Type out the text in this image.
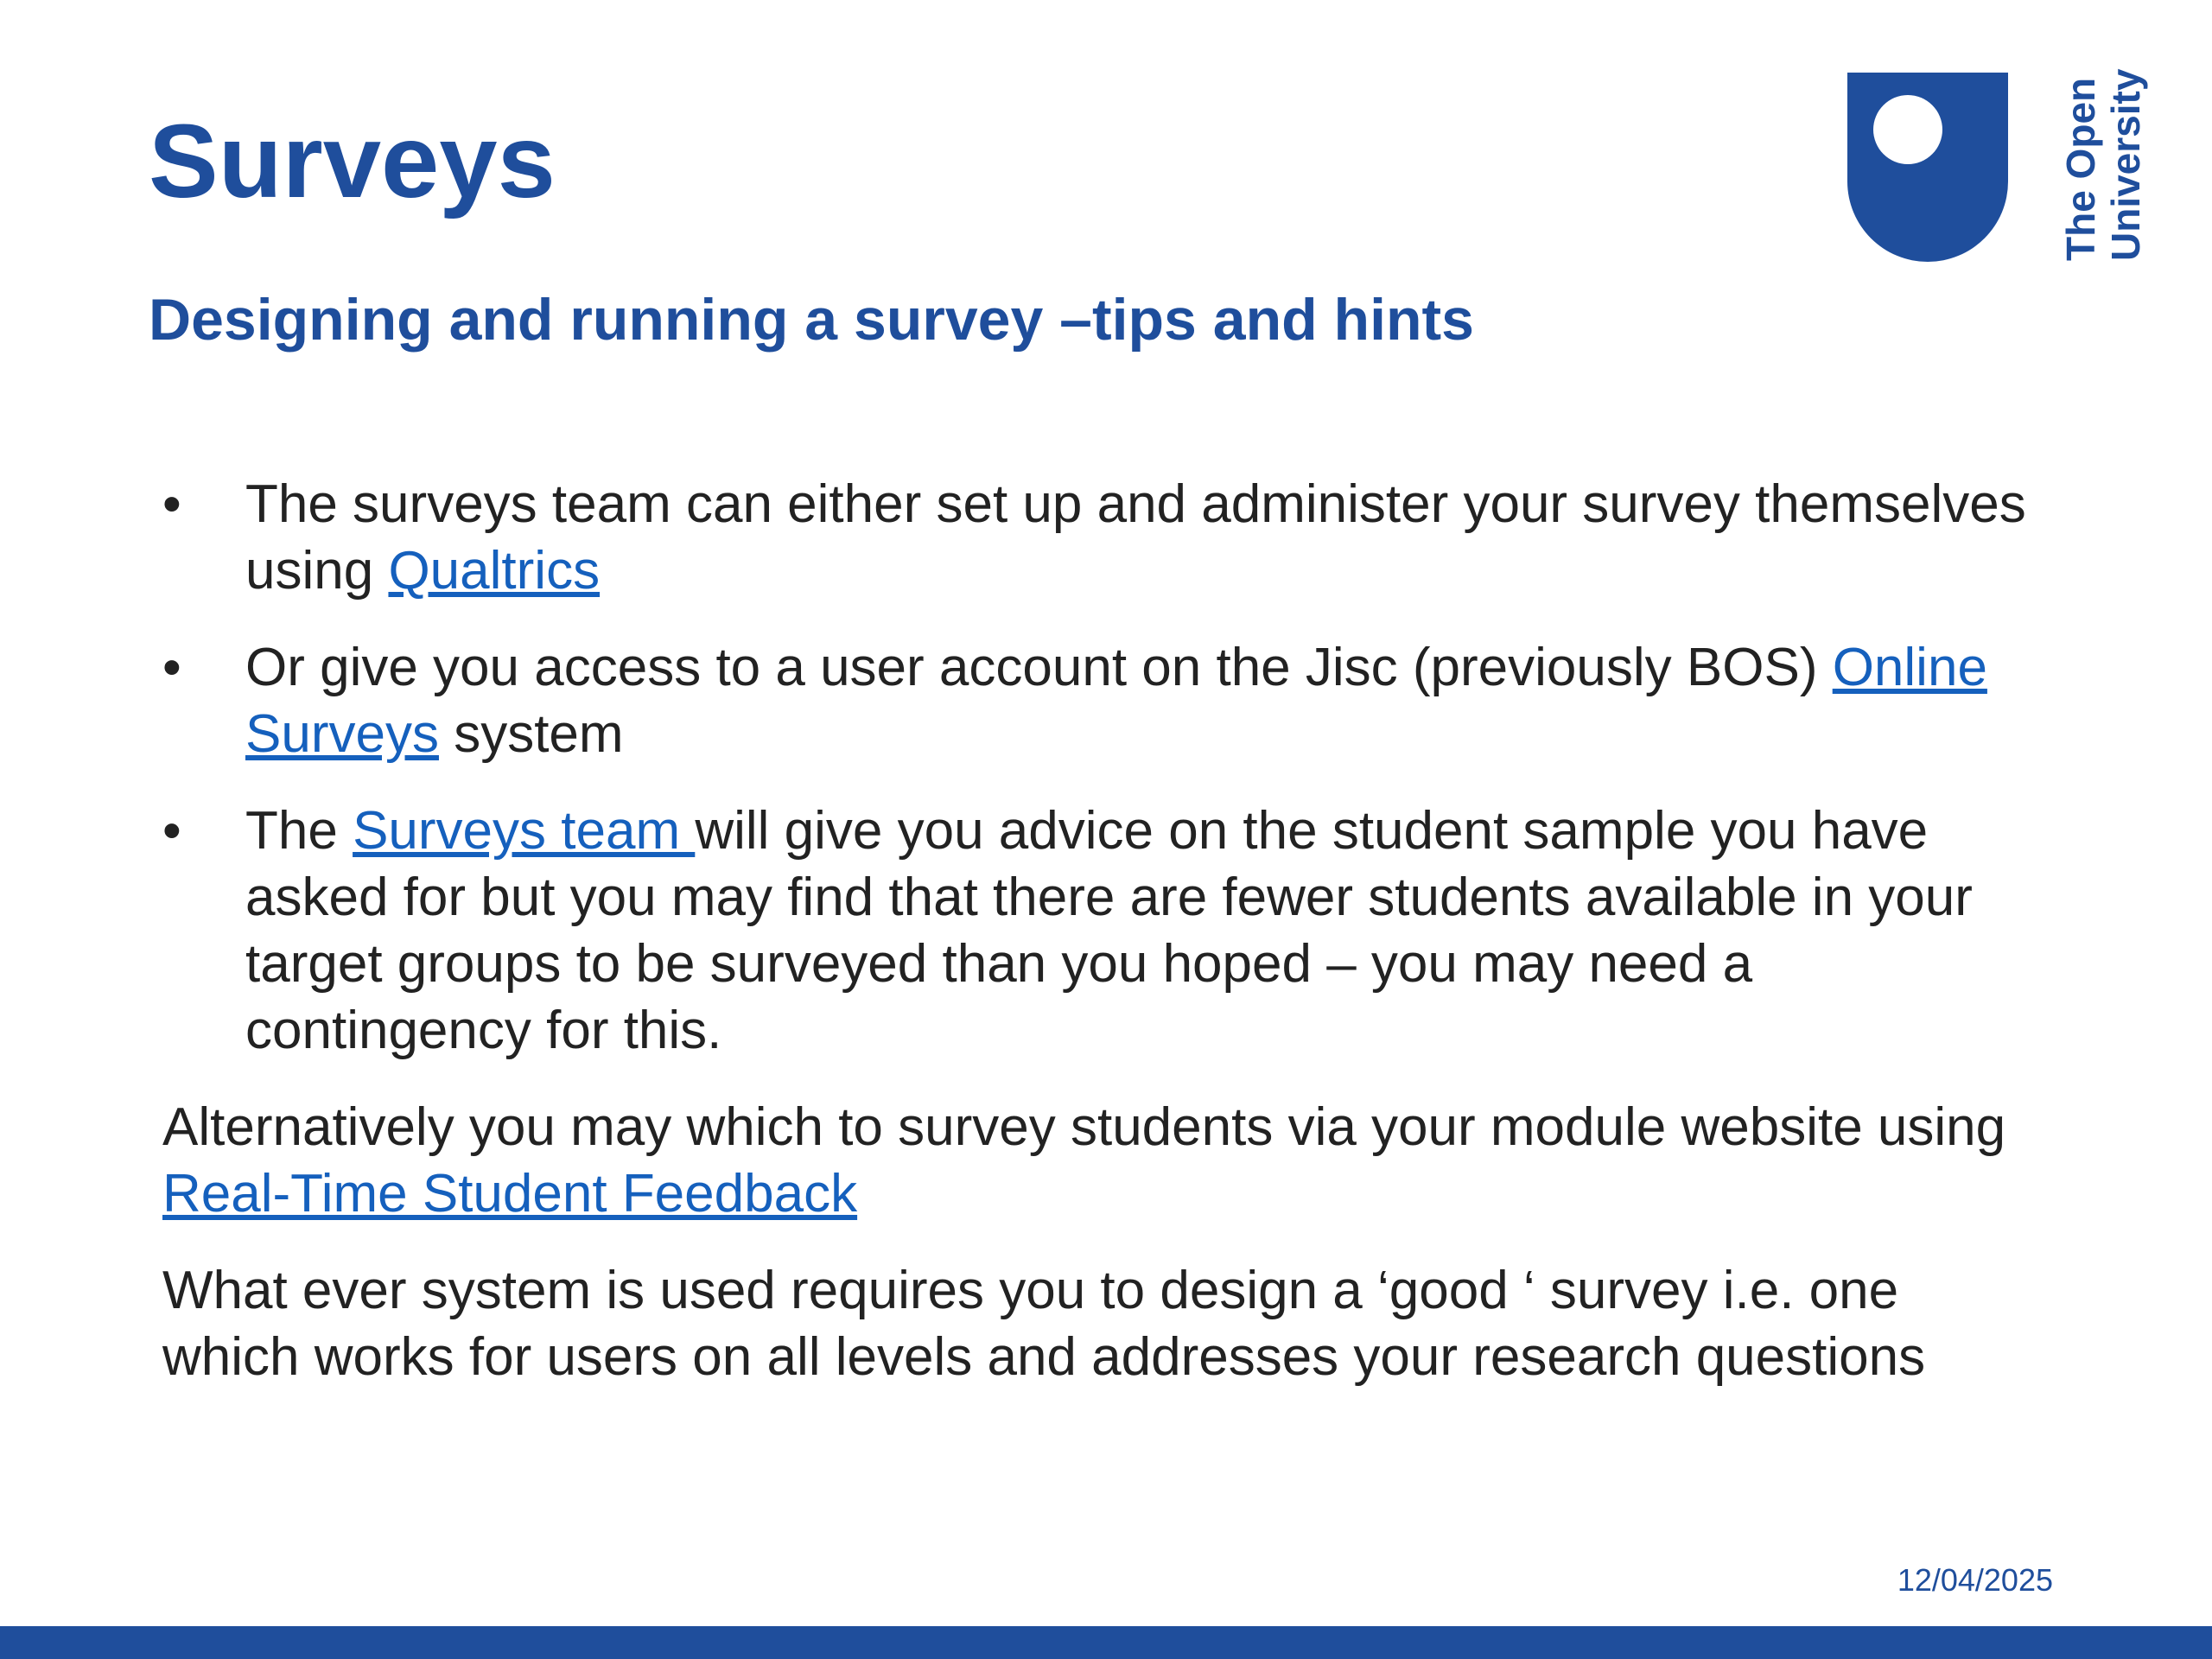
Surveys
Designing and running a survey –tips and hints
The Open University
• The surveys team can either set up and administer your survey themselves using Qualtrics
• Or give you access to a user account on the Jisc (previously BOS) Online Surveys system
• The Surveys team will give you advice on the student sample you have asked for but you may find that there are fewer students available in your target groups to be surveyed than you hoped – you may need a contingency for this.

Alternatively you may which to survey students via your module website using Real-Time Student Feedback

What ever system is used requires you to design a ‘good ‘ survey i.e. one which works for users on all levels and addresses your research questions

12/04/2025
